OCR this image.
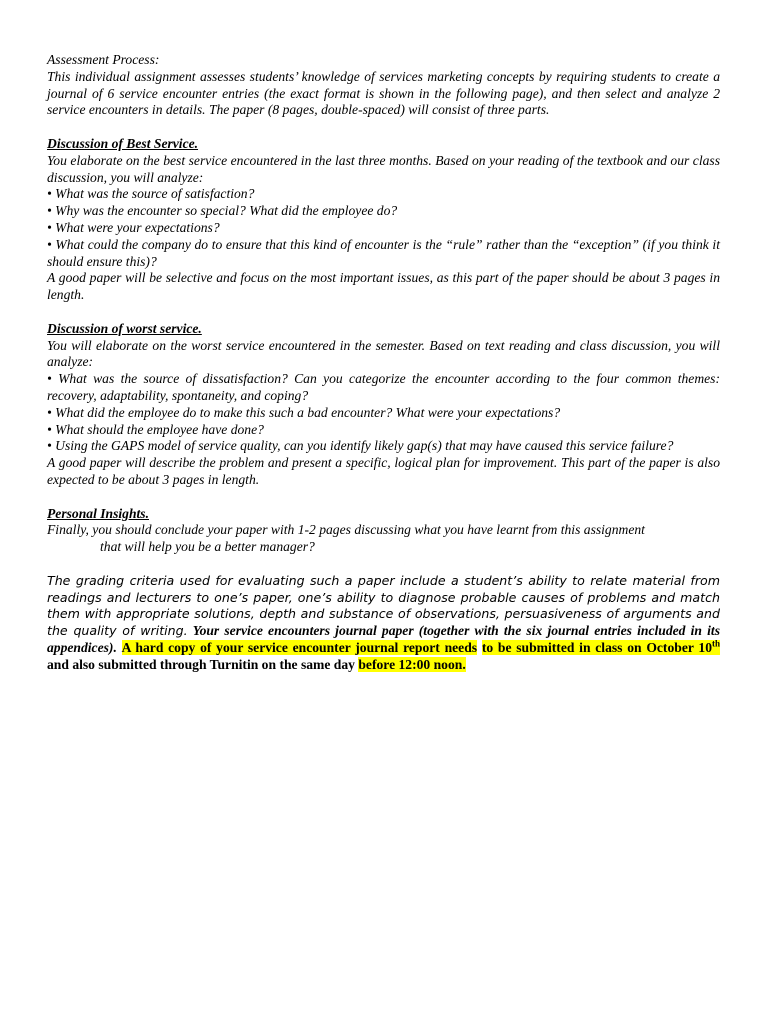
Assessment Process:
This individual assignment assesses students’ knowledge of services marketing concepts by requiring students to create a journal of 6 service encounter entries (the exact format is shown in the following page), and then select and analyze 2 service encounters in details. The paper (8 pages, double-spaced) will consist of three parts.

Discussion of Best Service.
You elaborate on the best service encountered in the last three months. Based on your reading of the textbook and our class discussion, you will analyze:
• What was the source of satisfaction?
• Why was the encounter so special? What did the employee do?
• What were your expectations?
• What could the company do to ensure that this kind of encounter is the “rule” rather than the “exception” (if you think it should ensure this)?
A good paper will be selective and focus on the most important issues, as this part of the paper should be about 3 pages in length.

Discussion of worst service.
You will elaborate on the worst service encountered in the semester. Based on text reading and class discussion, you will analyze:
• What was the source of dissatisfaction? Can you categorize the encounter according to the four common themes: recovery, adaptability, spontaneity, and coping?
• What did the employee do to make this such a bad encounter? What were your expectations?
• What should the employee have done?
• Using the GAPS model of service quality, can you identify likely gap(s) that may have caused this service failure?
A good paper will describe the problem and present a specific, logical plan for improvement. This part of the paper is also expected to be about 3 pages in length.

Personal Insights.
Finally, you should conclude your paper with 1-2 pages discussing what you have learnt from this assignment
that will help you be a better manager?

The grading criteria used for evaluating such a paper include a student’s ability to relate material from readings and lecturers to one’s paper, one’s ability to diagnose probable causes of problems and match them with appropriate solutions, depth and substance of observations, persuasiveness of arguments and the quality of writing. Your service encounters journal paper (together with the six journal entries included in its appendices). A hard copy of your service encounter journal report needs to be submitted in class on October 10th and also submitted through Turnitin on the same day before 12:00 noon.
